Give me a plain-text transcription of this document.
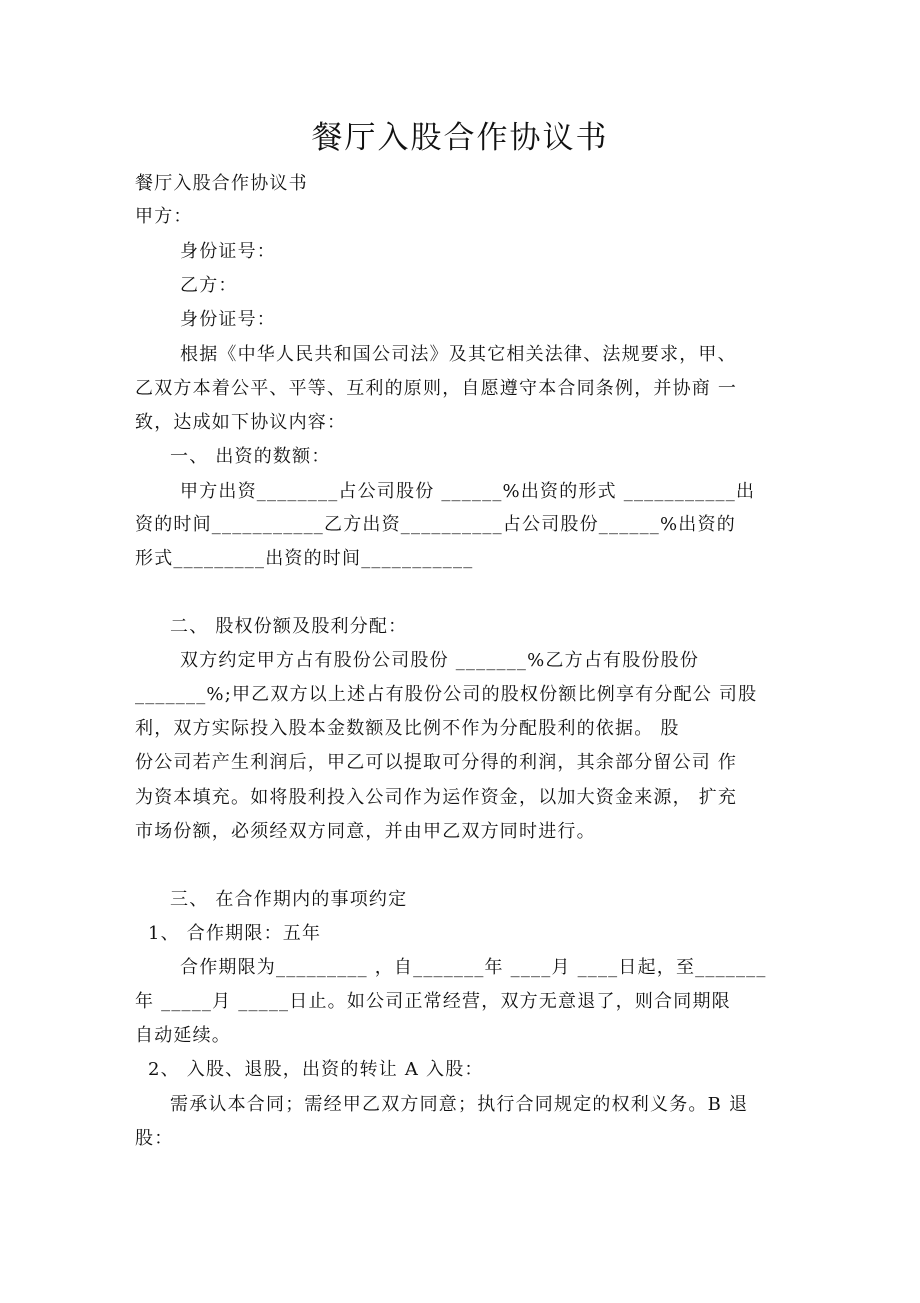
餐厅入股合作协议书
餐厅入股合作协议书
甲方：
身份证号：
乙方：
身份证号：
根据《中华人民共和国公司法》及其它相关法律、法规要求，甲、
乙双方本着公平、平等、互利的原则，自愿遵守本合同条例，并协商 一
致，达成如下协议内容：
一、 出资的数额：
甲方出资________占公司股份 ______%出资的形式 ___________出
资的时间___________乙方出资__________占公司股份______%出资的
形式_________出资的时间___________
二、 股权份额及股利分配：
双方约定甲方占有股份公司股份 _______%乙方占有股份股份
_______%;甲乙双方以上述占有股份公司的股权份额比例享有分配公 司股
利，双方实际投入股本金数额及比例不作为分配股利的依据。 股
份公司若产生利润后，甲乙可以提取可分得的利润，其余部分留公司 作
为资本填充。如将股利投入公司作为运作资金，以加大资金来源， 扩充
市场份额，必须经双方同意，并由甲乙双方同时进行。
三、 在合作期内的事项约定
1、 合作期限：五年
合作期限为_________ ，自_______年 ____月 ____日起，至_______
年 _____月 _____日止。如公司正常经营，双方无意退了，则合同期限
自动延续。
2、 入股、退股，出资的转让 A 入股：
需承认本合同；需经甲乙双方同意；执行合同规定的权利义务。B 退
股：
